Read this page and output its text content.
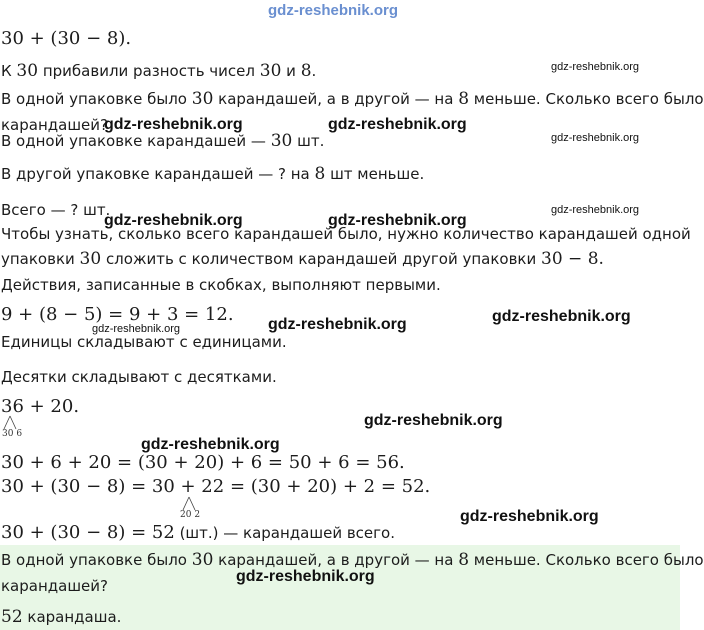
gdz-reshebnik.org
30 + (30 − 8).
К 30 прибавили разность чисел 30 и 8.
В одной упаковке было 30 карандашей, а в другой — на 8 меньше. Сколько всего было
карандашей?
В одной упаковке карандашей — 30 шт.
В другой упаковке карандашей — ? на 8 шт меньше.
Всего — ? шт.
Чтобы узнать, сколько всего карандашей было, нужно количество карандашей одной
упаковки 30 сложить с количеством карандашей другой упаковки 30 − 8.
Действия, записанные в скобках, выполняют первыми.
9 + (8 − 5) = 9 + 3 = 12.
Единицы складывают с единицами.
Десятки складывают с десятками.
36 + 20.
30 6
30 + 6 + 20 = (30 + 20) + 6 = 50 + 6 = 56.
30 + (30 − 8) = 30 + 22 = (30 + 20) + 2 = 52.
20 2
30 + (30 − 8) = 52 (шт.) — карандашей всего.
В одной упаковке было 30 карандашей, а в другой — на 8 меньше. Сколько всего было
карандашей?
52 карандаша.
gdz-reshebnik.org
gdz-reshebnik.org	gdz-reshebnik.org
gdz-reshebnik.org
gdz-reshebnik.org	gdz-reshebnik.org
gdz-reshebnik.org
gdz-reshebnik.org	gdz-reshebnik.org
gdz-reshebnik.org
gdz-reshebnik.org
gdz-reshebnik.org
gdz-reshebnik.org
gdz-reshebnik.org
